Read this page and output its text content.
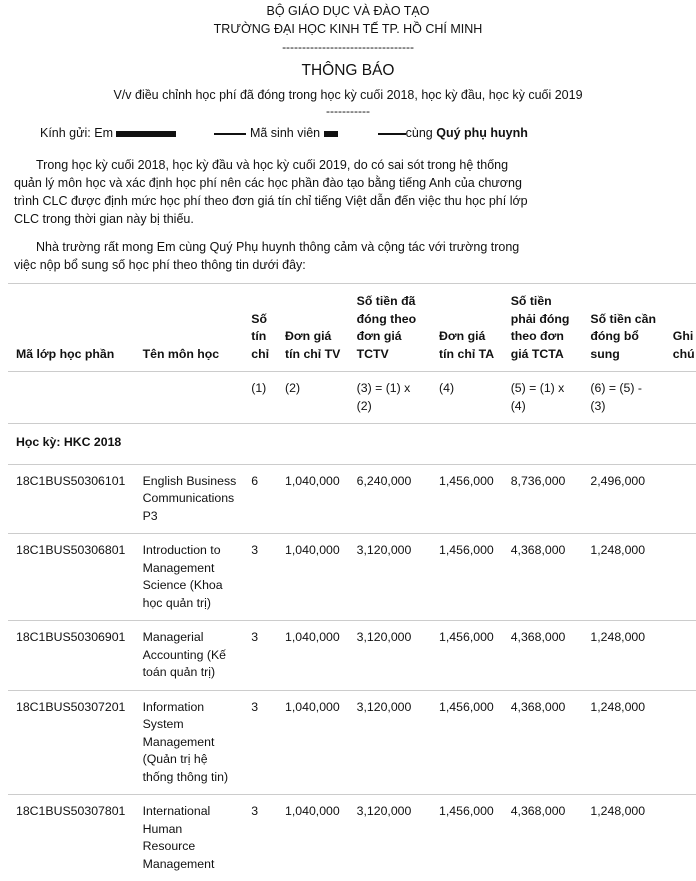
BỘ GIÁO DỤC VÀ ĐÀO TẠO
TRƯỜNG ĐẠI HỌC KINH TẾ TP. HỒ CHÍ MINH
---------------------------------
THÔNG BÁO
V/v điều chỉnh học phí đã đóng trong học kỳ cuối 2018, học kỳ đầu, học kỳ cuối 2019
-----------
Kính gửi: Em	Mã sinh viên	cùng Quý phụ huynh
Trong học kỳ cuối 2018, học kỳ đầu và học kỳ cuối 2019, do có sai sót trong hệ thống quản lý môn học và xác định học phí nên các học phần đào tạo bằng tiếng Anh của chương trình CLC được định mức học phí theo đơn giá tín chỉ tiếng Việt dẫn đến việc thu học phí lớp CLC trong thời gian này bị thiếu.
Nhà trường rất mong Em cùng Quý Phụ huynh thông cảm và cộng tác với trường trong việc nộp bổ sung số học phí theo thông tin dưới đây:
Mã lớp học phần	Tên môn học	Số tín chỉ	Đơn giá tín chỉ TV	Số tiền đã đóng theo đơn giá TCTV	Đơn giá tín chỉ TA	Số tiền phải đóng theo đơn giá TCTA	Số tiền cần đóng bổ sung	Ghi chú
		(1)	(2)	(3) = (1) x (2)	(4)	(5) = (1) x (4)	(6) = (5) - (3)	
Học kỳ: HKC 2018								
18C1BUS50306101	English Business Communications P3	6	1,040,000	6,240,000	1,456,000	8,736,000	2,496,000	
18C1BUS50306801	Introduction to Management Science (Khoa học quản trị)	3	1,040,000	3,120,000	1,456,000	4,368,000	1,248,000	
18C1BUS50306901	Managerial Accounting (Kế toán quản trị)	3	1,040,000	3,120,000	1,456,000	4,368,000	1,248,000	
18C1BUS50307201	Information System Management (Quản trị hệ thống thông tin)	3	1,040,000	3,120,000	1,456,000	4,368,000	1,248,000	
18C1BUS50307801	International Human Resource Management	3	1,040,000	3,120,000	1,456,000	4,368,000	1,248,000	
